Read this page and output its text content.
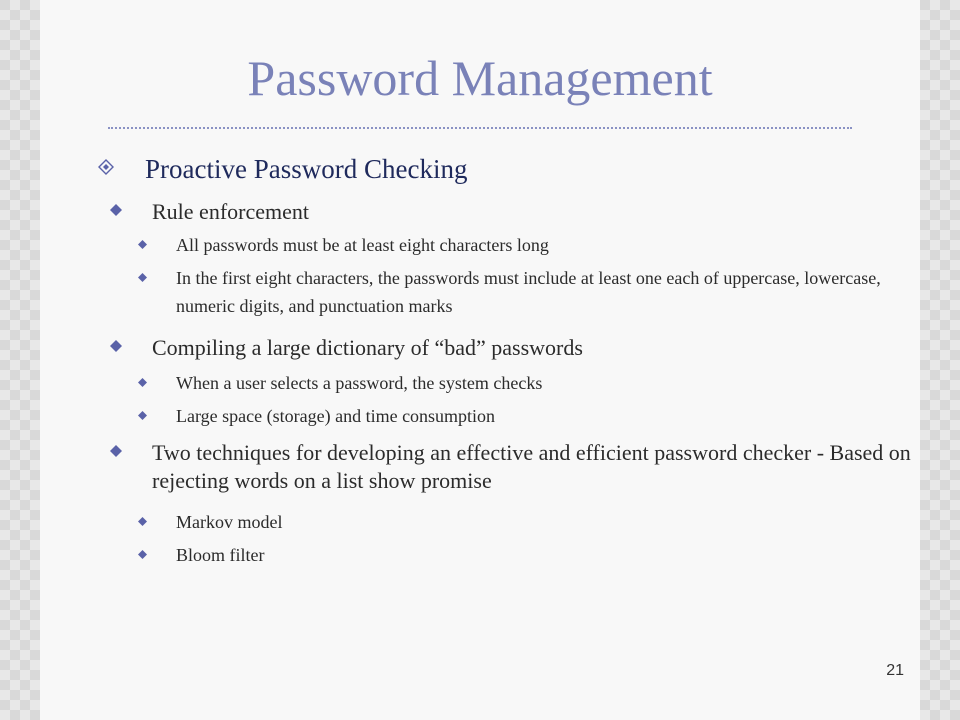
Password Management
Proactive Password Checking
Rule enforcement
All passwords must be at least eight characters long
In the first eight characters, the passwords must include at least one each of uppercase, lowercase, numeric digits, and punctuation marks
Compiling a large dictionary of “bad” passwords
When a user selects a password, the system checks
Large space (storage) and time consumption
Two techniques for developing an effective and efficient password checker - Based on rejecting words on a list show promise
Markov model
Bloom filter
21
